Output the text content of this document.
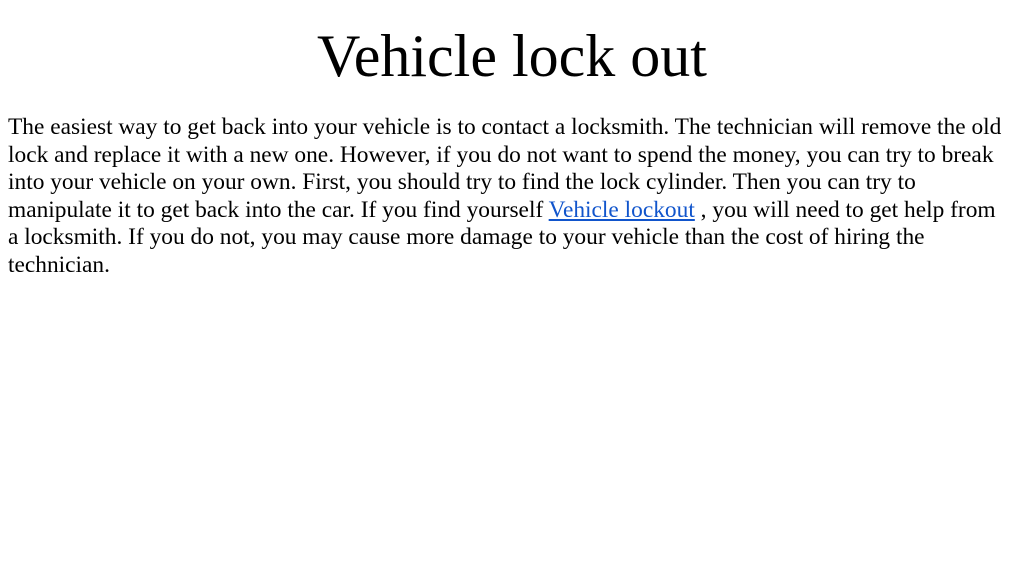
Vehicle lock out

The easiest way to get back into your vehicle is to contact a locksmith. The technician will remove the old lock and replace it with a new one. However, if you do not want to spend the money, you can try to break into your vehicle on your own. First, you should try to find the lock cylinder. Then you can try to manipulate it to get back into the car. If you find yourself Vehicle lockout , you will need to get help from a locksmith. If you do not, you may cause more damage to your vehicle than the cost of hiring the technician.
